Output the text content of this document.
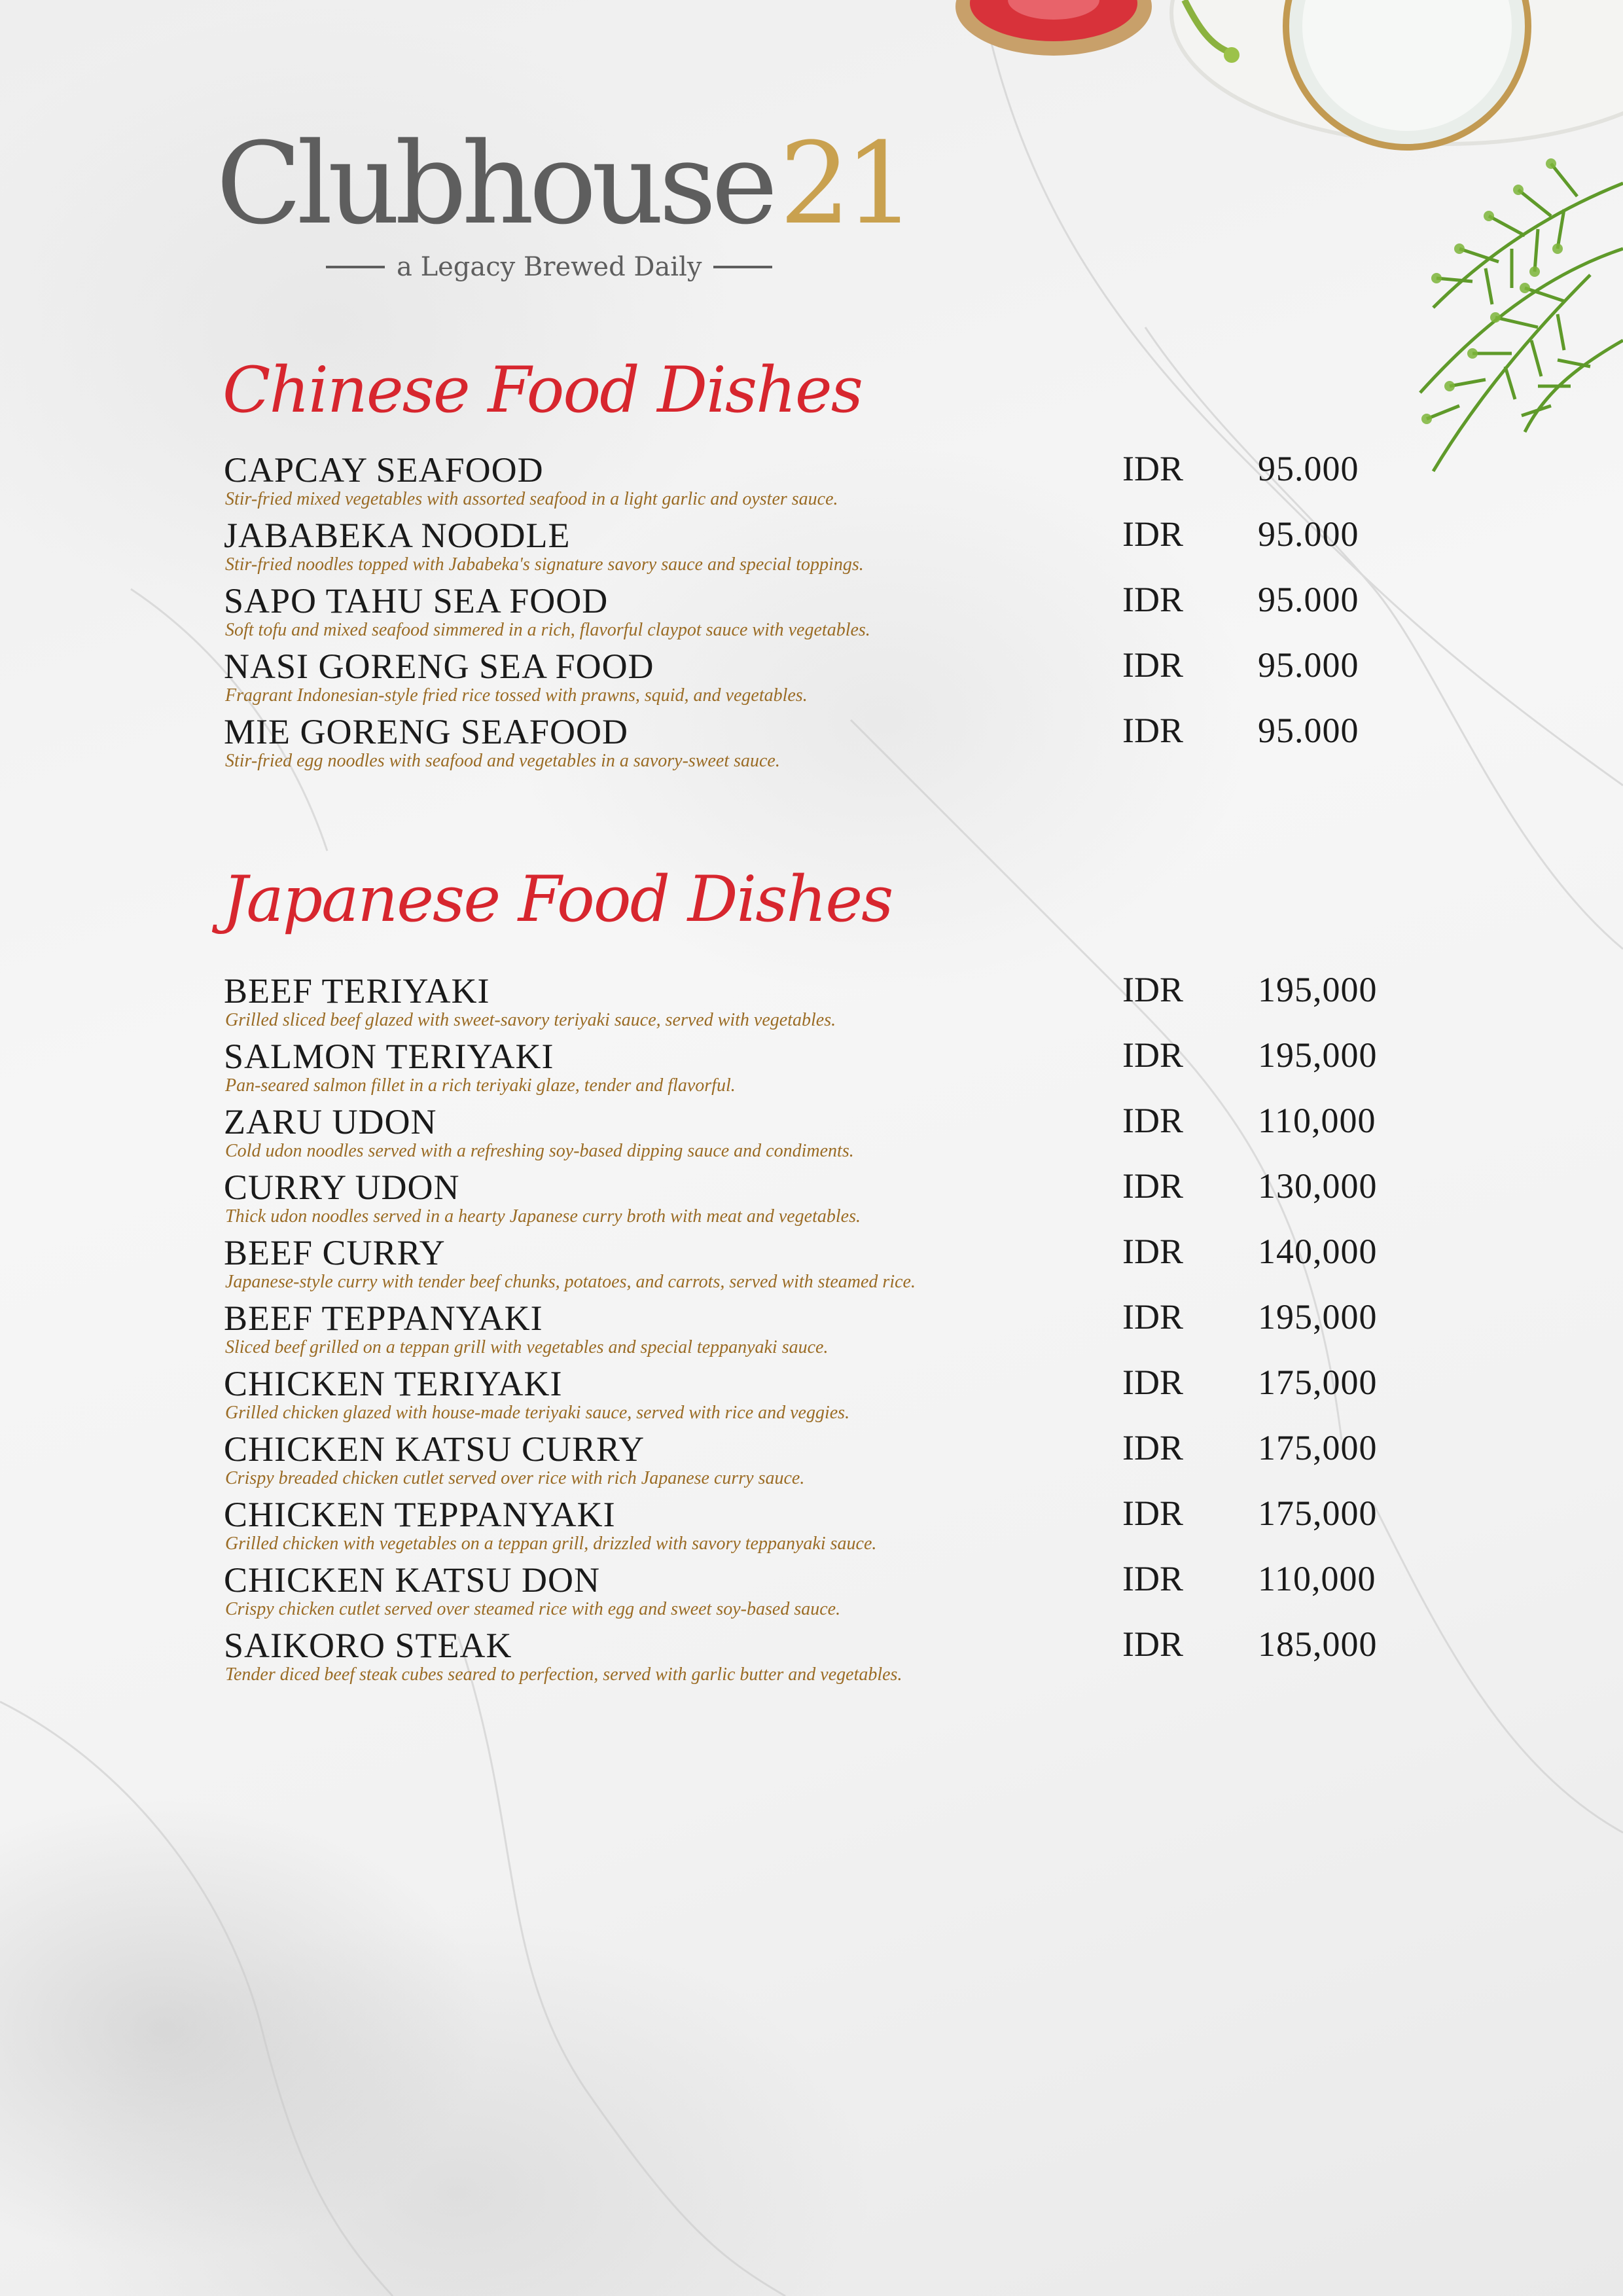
Clubhouse21
a Legacy Brewed Daily
Chinese Food Dishes
CAPCAY SEAFOOD
Stir-fried mixed vegetables with assorted seafood in a light garlic and oyster sauce.
IDR 95.000
JABABEKA NOODLE
Stir-fried noodles topped with Jababeka's signature savory sauce and special toppings.
IDR 95.000
SAPO TAHU SEA FOOD
Soft tofu and mixed seafood simmered in a rich, flavorful claypot sauce with vegetables.
IDR 95.000
NASI GORENG SEA FOOD
Fragrant Indonesian-style fried rice tossed with prawns, squid, and vegetables.
IDR 95.000
MIE GORENG SEAFOOD
Stir-fried egg noodles with seafood and vegetables in a savory-sweet sauce.
IDR 95.000
Japanese Food Dishes
BEEF TERIYAKI
Grilled sliced beef glazed with sweet-savory teriyaki sauce, served with vegetables.
IDR 195,000
SALMON TERIYAKI
Pan-seared salmon fillet in a rich teriyaki glaze, tender and flavorful.
IDR 195,000
ZARU UDON
Cold udon noodles served with a refreshing soy-based dipping sauce and condiments.
IDR 110,000
CURRY UDON
Thick udon noodles served in a hearty Japanese curry broth with meat and vegetables.
IDR 130,000
BEEF CURRY
Japanese-style curry with tender beef chunks, potatoes, and carrots, served with steamed rice.
IDR 140,000
BEEF TEPPANYAKI
Sliced beef grilled on a teppan grill with vegetables and special teppanyaki sauce.
IDR 195,000
CHICKEN TERIYAKI
Grilled chicken glazed with house-made teriyaki sauce, served with rice and veggies.
IDR 175,000
CHICKEN KATSU CURRY
Crispy breaded chicken cutlet served over rice with rich Japanese curry sauce.
IDR 175,000
CHICKEN TEPPANYAKI
Grilled chicken with vegetables on a teppan grill, drizzled with savory teppanyaki sauce.
IDR 175,000
CHICKEN KATSU DON
Crispy chicken cutlet served over steamed rice with egg and sweet soy-based sauce.
IDR 110,000
SAIKORO STEAK
Tender diced beef steak cubes seared to perfection, served with garlic butter and vegetables.
IDR 185,000
